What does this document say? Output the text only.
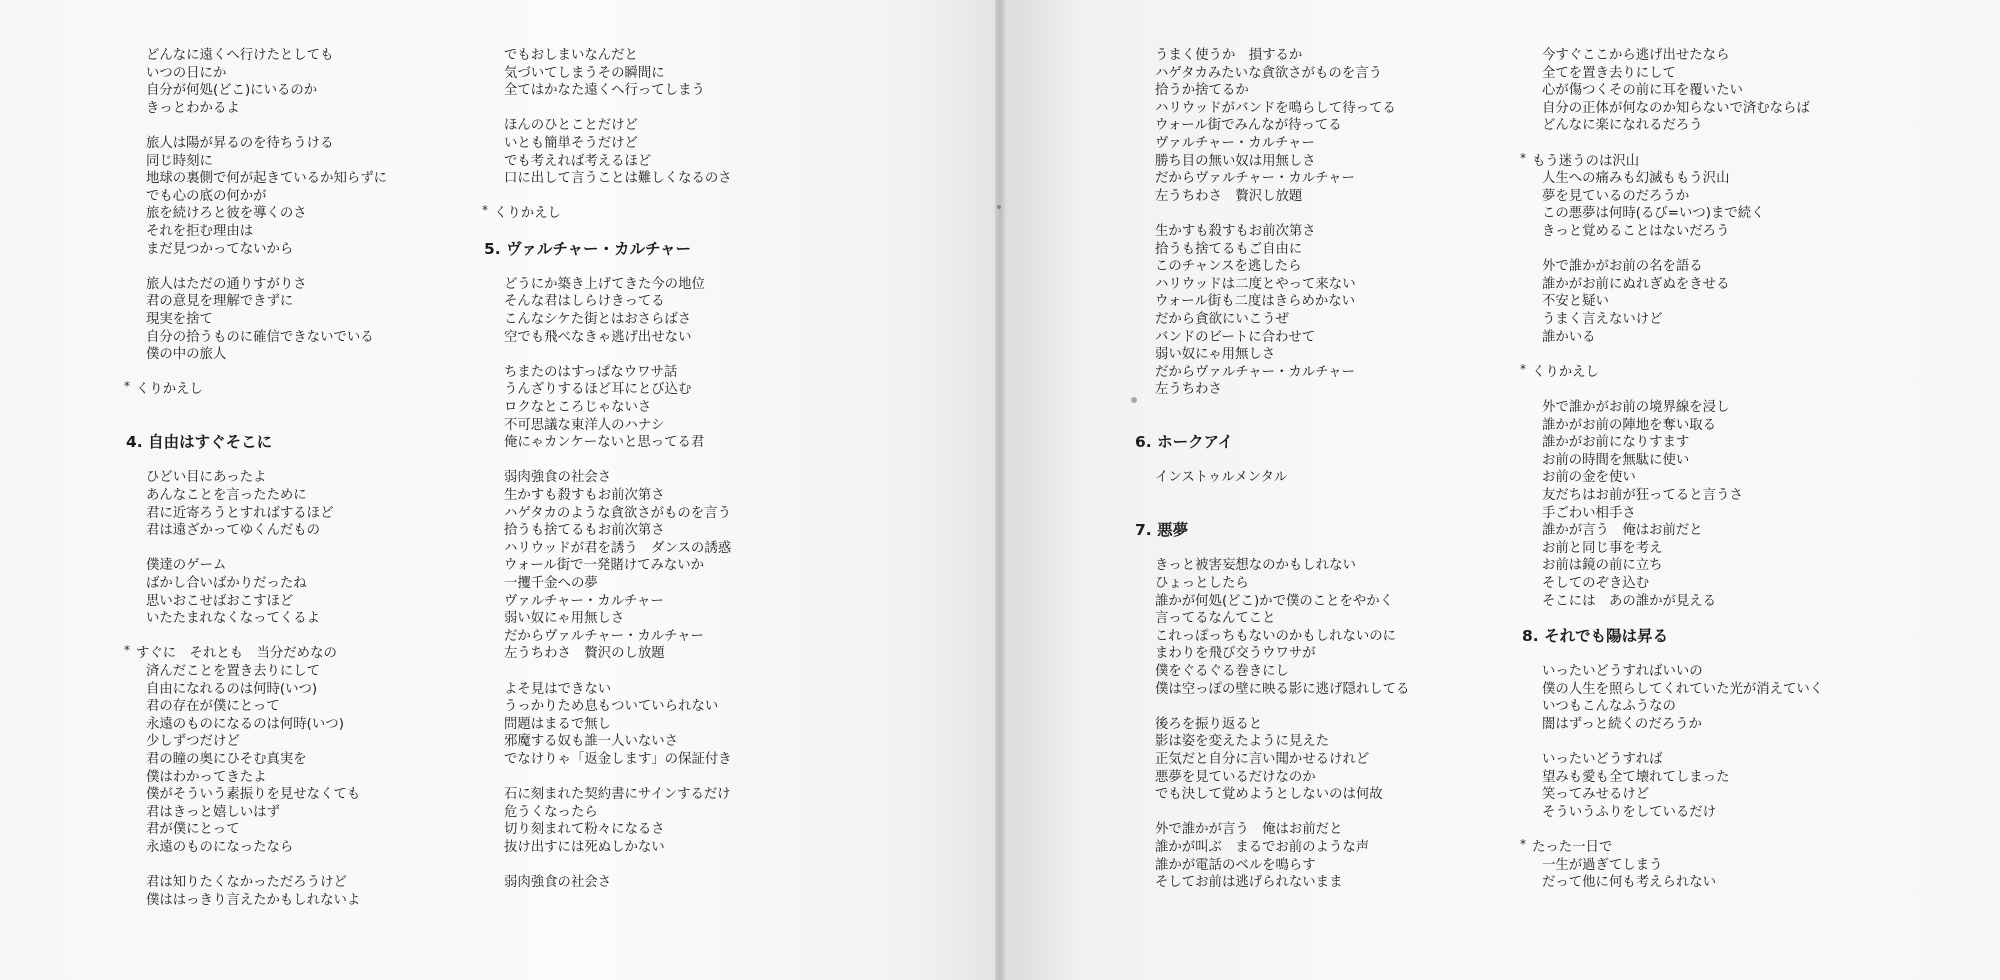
どんなに遠くへ行けたとしても
いつの日にか
自分が何処(どこ)にいるのか
きっとわかるよ
旅人は陽が昇るのを待ちうける
同じ時刻に
地球の裏側で何が起きているか知らずに
でも心の底の何かが
旅を続けろと彼を導くのさ
それを拒む理由は
まだ見つかってないから
旅人はただの通りすがりさ
君の意見を理解できずに
現実を捨て
自分の拾うものに確信できないでいる
僕の中の旅人
* くりかえし
4. 自由はすぐそこに
ひどい目にあったよ
あんなことを言ったために
君に近寄ろうとすればするほど
君は遠ざかってゆくんだもの
僕達のゲーム
ばかし合いばかりだったね
思いおこせばおこすほど
いたたまれなくなってくるよ
* すぐに　それとも　当分だめなの
済んだことを置き去りにして
自由になれるのは何時(いつ)
君の存在が僕にとって
永遠のものになるのは何時(いつ)
少しずつだけど
君の瞳の奥にひそむ真実を
僕はわかってきたよ
僕がそういう素振りを見せなくても
君はきっと嬉しいはず
君が僕にとって
永遠のものになったなら
君は知りたくなかっただろうけど
僕ははっきり言えたかもしれないよ
でもおしまいなんだと
気づいてしまうその瞬間に
全てはかなた遠くへ行ってしまう
ほんのひとことだけど
いとも簡単そうだけど
でも考えれば考えるほど
口に出して言うことは難しくなるのさ
* くりかえし
5. ヴァルチャー・カルチャー
どうにか築き上げてきた今の地位
そんな君はしらけきってる
こんなシケた街とはおさらばさ
空でも飛べなきゃ逃げ出せない
ちまたのはすっぱなウワサ話
うんざりするほど耳にとび込む
ロクなところじゃないさ
不可思議な東洋人のハナシ
俺にゃカンケーないと思ってる君
弱肉強食の社会さ
生かすも殺すもお前次第さ
ハゲタカのような貪欲さがものを言う
拾うも捨てるもお前次第さ
ハリウッドが君を誘う　ダンスの誘惑
ウォール街で一発賭けてみないか
一攫千金への夢
ヴァルチャー・カルチャー
弱い奴にゃ用無しさ
だからヴァルチャー・カルチャー
左うちわさ　贅沢のし放題
よそ見はできない
うっかりため息もついていられない
問題はまるで無し
邪魔する奴も誰一人いないさ
でなけりゃ「返金します」の保証付き
石に刻まれた契約書にサインするだけ
危うくなったら
切り刻まれて粉々になるさ
抜け出すには死ぬしかない
弱肉強食の社会さ
うまく使うか　損するか
ハゲタカみたいな貪欲さがものを言う
拾うか捨てるか
ハリウッドがバンドを鳴らして待ってる
ウォール街でみんなが待ってる
ヴァルチャー・カルチャー
勝ち目の無い奴は用無しさ
だからヴァルチャー・カルチャー
左うちわさ　贅沢し放題
生かすも殺すもお前次第さ
拾うも捨てるもご自由に
このチャンスを逃したら
ハリウッドは二度とやって来ない
ウォール街も二度はきらめかない
だから貪欲にいこうぜ
バンドのビートに合わせて
弱い奴にゃ用無しさ
だからヴァルチャー・カルチャー
左うちわさ
6. ホークアイ
インストゥルメンタル
7. 悪夢
きっと被害妄想なのかもしれない
ひょっとしたら
誰かが何処(どこ)かで僕のことをやかく
言ってるなんてこと
これっぽっちもないのかもしれないのに
まわりを飛び交うウワサが
僕をぐるぐる巻きにし
僕は空っぽの壁に映る影に逃げ隠れしてる
後ろを振り返ると
影は姿を変えたように見えた
正気だと自分に言い聞かせるけれど
悪夢を見ているだけなのか
でも決して覚めようとしないのは何故
外で誰かが言う　俺はお前だと
誰かが叫ぶ　まるでお前のような声
誰かが電話のベルを鳴らす
そしてお前は逃げられないまま
今すぐここから逃げ出せたなら
全てを置き去りにして
心が傷つくその前に耳を覆いたい
自分の正体が何なのか知らないで済むならば
どんなに楽になれるだろう
* もう迷うのは沢山
人生への痛みも幻滅ももう沢山
夢を見ているのだろうか
この悪夢は何時(るび=いつ)まで続く
きっと覚めることはないだろう
外で誰かがお前の名を語る
誰かがお前にぬれぎぬをきせる
不安と疑い
うまく言えないけど
誰かいる
* くりかえし
外で誰かがお前の境界線を浸し
誰かがお前の陣地を奪い取る
誰かがお前になりすます
お前の時間を無駄に使い
お前の金を使い
友だちはお前が狂ってると言うさ
手ごわい相手さ
誰かが言う　俺はお前だと
お前と同じ事を考え
お前は鏡の前に立ち
そしてのぞき込む
そこには　あの誰かが見える
8. それでも陽は昇る
いったいどうすればいいの
僕の人生を照らしてくれていた光が消えていく
いつもこんなふうなの
闇はずっと続くのだろうか
いったいどうすれば
望みも愛も全て壊れてしまった
笑ってみせるけど
そういうふりをしているだけ
* たった一日で
一生が過ぎてしまう
だって他に何も考えられない
